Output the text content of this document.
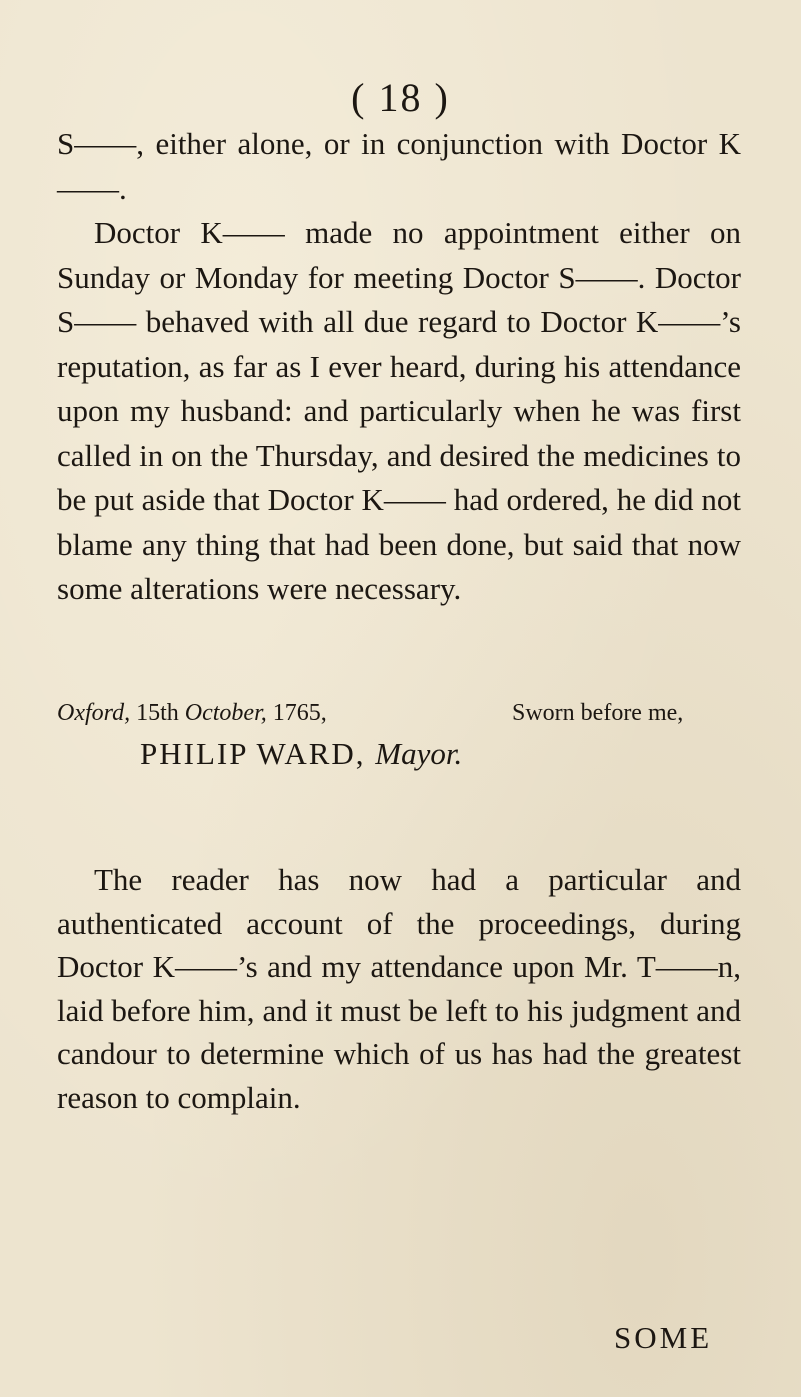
( 18 )

S——, either alone, or in conjunction with Doctor K——.

Doctor K—— made no appointment either on Sunday or Monday for meeting Doctor S——. Doctor S—— behaved with all due regard to Doctor K——’s reputation, as far as I ever heard, during his attendance upon my husband: and particularly when he was first called in on the Thursday, and desired the medicines to be put aside that Doctor K—— had ordered, he did not blame any thing that had been done, but said that now some alterations were necessary.

Oxford, 15th October, 1765,	Sworn before me,
PHILIP WARD, Mayor.

The reader has now had a particular and authenticated account of the proceedings, during Doctor K——’s and my attendance upon Mr. T——n, laid before him, and it must be left to his judgment and candour to determine which of us has had the greatest reason to complain.

SOME
